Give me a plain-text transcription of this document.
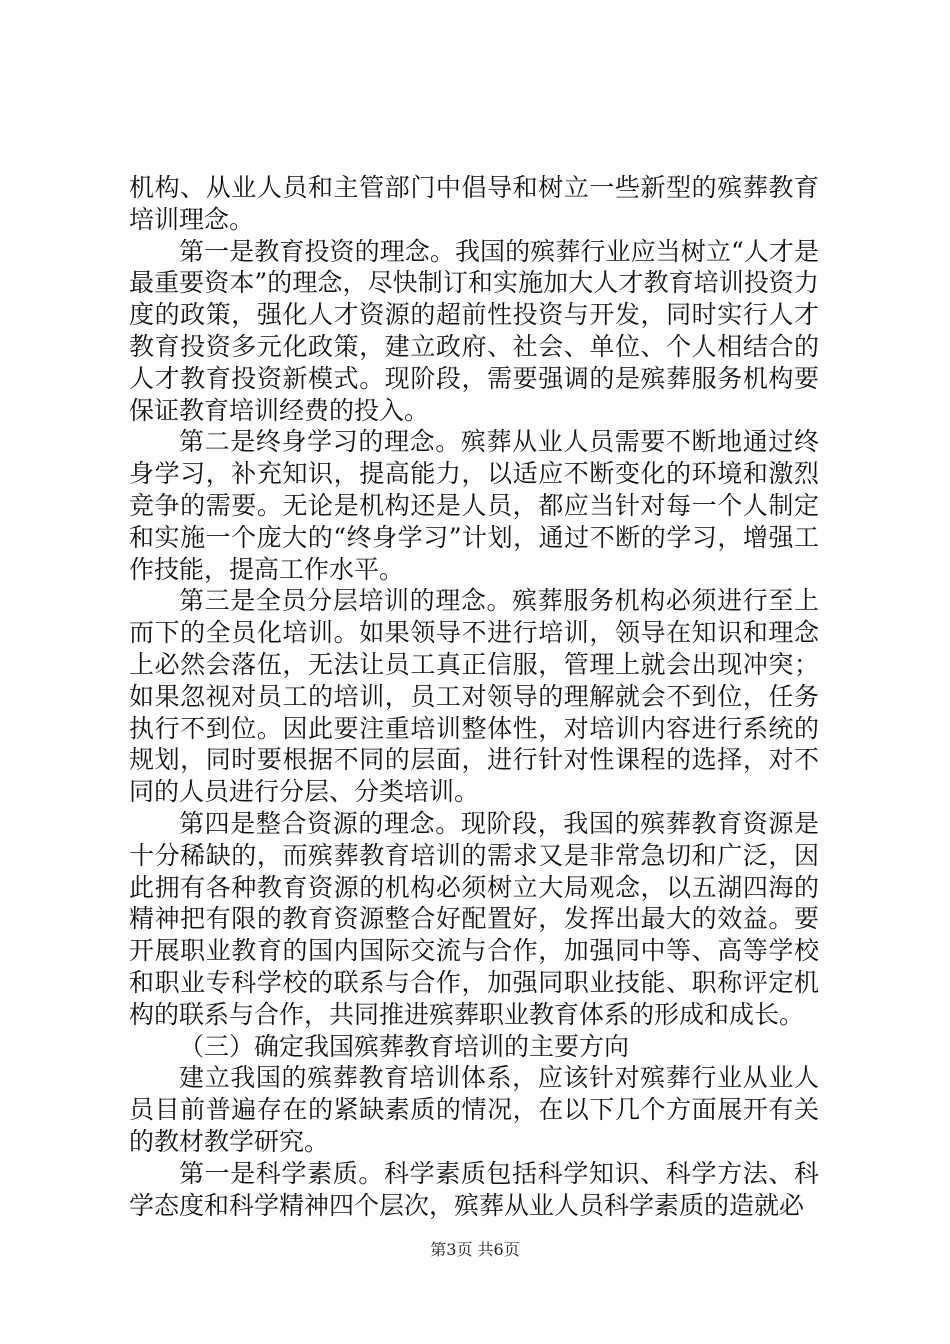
机构、从业人员和主管部门中倡导和树立一些新型的殡葬教育培训理念。

第一是教育投资的理念。我国的殡葬行业应当树立“人才是最重要资本”的理念，尽快制订和实施加大人才教育培训投资力度的政策，强化人才资源的超前性投资与开发，同时实行人才教育投资多元化政策，建立政府、社会、单位、个人相结合的人才教育投资新模式。现阶段，需要强调的是殡葬服务机构要保证教育培训经费的投入。

第二是终身学习的理念。殡葬从业人员需要不断地通过终身学习，补充知识，提高能力，以适应不断变化的环境和激烈竞争的需要。无论是机构还是人员，都应当针对每一个人制定和实施一个庞大的“终身学习”计划，通过不断的学习，增强工作技能，提高工作水平。

第三是全员分层培训的理念。殡葬服务机构必须进行至上而下的全员化培训。如果领导不进行培训，领导在知识和理念上必然会落伍，无法让员工真正信服，管理上就会出现冲突；如果忽视对员工的培训，员工对领导的理解就会不到位，任务执行不到位。因此要注重培训整体性，对培训内容进行系统的规划，同时要根据不同的层面，进行针对性课程的选择，对不同的人员进行分层、分类培训。

第四是整合资源的理念。现阶段，我国的殡葬教育资源是十分稀缺的，而殡葬教育培训的需求又是非常急切和广泛，因此拥有各种教育资源的机构必须树立大局观念，以五湖四海的精神把有限的教育资源整合好配置好，发挥出最大的效益。要开展职业教育的国内国际交流与合作，加强同中等、高等学校和职业专科学校的联系与合作，加强同职业技能、职称评定机构的联系与合作，共同推进殡葬职业教育体系的形成和成长。

（三）确定我国殡葬教育培训的主要方向

建立我国的殡葬教育培训体系，应该针对殡葬行业从业人员目前普遍存在的紧缺素质的情况，在以下几个方面展开有关的教材教学研究。

第一是科学素质。科学素质包括科学知识、科学方法、科学态度和科学精神四个层次，殡葬从业人员科学素质的造就必

第3页 共6页
